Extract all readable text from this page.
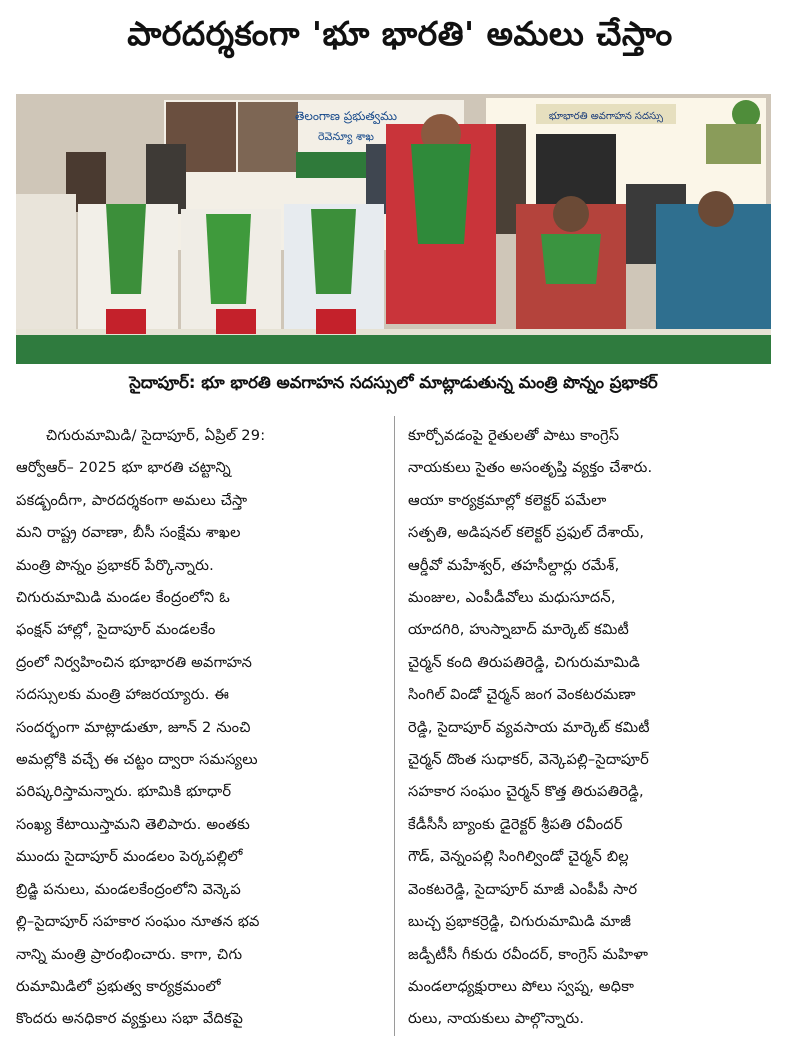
పారదర్శకంగా 'భూ భారతి' అమలు చేస్తాం
తెలంగాణ ప్రభుత్వము
రెవెన్యూ శాఖ
భూభారతి అవగాహన సదస్సు
సైదాపూర్: భూ భారతి అవగాహన సదస్సులో మాట్లాడుతున్న మంత్రి పొన్నం ప్రభాకర్
చిగురుమామిడి/ సైదాపూర్, ఏప్రిల్ 29:
ఆర్వోఆర్– 2025 భూ భారతి చట్టాన్ని
పకడ్బందీగా, పారదర్శకంగా అమలు చేస్తా
మని రాష్ట్ర రవాణా, బీసీ సంక్షేమ శాఖల
మంత్రి పొన్నం ప్రభాకర్ పేర్కొన్నారు.
చిగురుమామిడి మండల కేంద్రంలోని ఓ
ఫంక్షన్ హాల్లో, సైదాపూర్ మండలకేం
ద్రంలో నిర్వహించిన భూభారతి అవగాహన
సదస్సులకు మంత్రి హాజరయ్యారు. ఈ
సందర్భంగా మాట్లాడుతూ, జూన్ 2 నుంచి
అమల్లోకి వచ్చే ఈ చట్టం ద్వారా సమస్యలు
పరిష్కరిస్తామన్నారు. భూమికి భూధార్
సంఖ్య కేటాయిస్తామని తెలిపారు. అంతకు
ముందు సైదాపూర్ మండలం పెర్కపల్లిలో
బ్రిడ్జి పనులు, మండలకేంద్రంలోని వెన్కెప
ల్లి–సైదాపూర్ సహకార సంఘం నూతన భవ
నాన్ని మంత్రి ప్రారంభించారు. కాగా, చిగు
రుమామిడిలో ప్రభుత్వ కార్యక్రమంలో
కొందరు అనధికార వ్యక్తులు సభా వేదికపై
కూర్చోవడంపై రైతులతో పాటు కాంగ్రెస్
నాయకులు సైతం అసంతృప్తి వ్యక్తం చేశారు.
ఆయా కార్యక్రమాల్లో కలెక్టర్ పమేలా
సత్పతి, అడిషనల్ కలెక్టర్ ప్రఫుల్ దేశాయ్,
ఆర్డీవో మహేశ్వర్, తహసీల్దార్లు రమేశ్,
మంజుల, ఎంపీడీవోలు మధుసూదన్,
యాదగిరి, హుస్నాబాద్ మార్కెట్ కమిటీ
చైర్మన్ కంది తిరుపతిరెడ్డి, చిగురుమామిడి
సింగిల్ విండో చైర్మన్ జంగ వెంకటరమణా
రెడ్డి, సైదాపూర్ వ్యవసాయ మార్కెట్ కమిటీ
చైర్మన్ దొంత సుధాకర్, వెన్కెపల్లి–సైదాపూర్
సహకార సంఘం చైర్మన్ కొత్త తిరుపతిరెడ్డి,
కేడీసీసీ బ్యాంకు డైరెక్టర్ శ్రీపతి రవీందర్
గౌడ్, వెన్నంపల్లి సింగిల్విండో చైర్మన్ బిల్ల
వెంకటరెడ్డి, సైదాపూర్ మాజీ ఎంపీపీ సార
బుచ్చ ప్రభాకర్రెడ్డి, చిగురుమామిడి మాజీ
జడ్పీటీసీ గీకురు రవీందర్, కాంగ్రెస్ మహిళా
మండలాధ్యక్షురాలు పోలు స్వప్న, అధికా
రులు, నాయకులు పాల్గొన్నారు.
